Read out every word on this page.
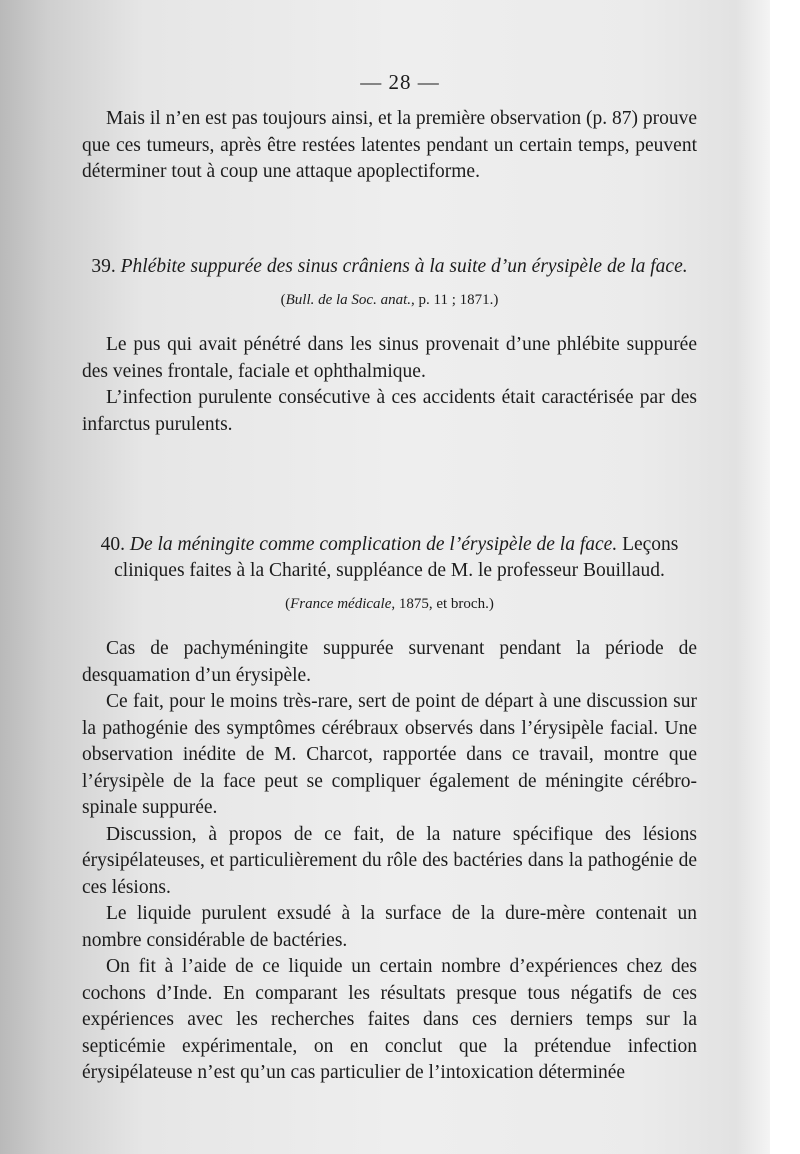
— 28 —

Mais il n’en est pas toujours ainsi, et la première observation (p. 87) prouve que ces tumeurs, après être restées latentes pendant un certain temps, peuvent déterminer tout à coup une attaque apoplectiforme.

39. Phlébite suppurée des sinus crâniens à la suite d’un érysipèle de la face.
(Bull. de la Soc. anat., p. 11 ; 1871.)

Le pus qui avait pénétré dans les sinus provenait d’une phlébite suppurée des veines frontale, faciale et ophthalmique.

L’infection purulente consécutive à ces accidents était caractérisée par des infarctus purulents.

40. De la méningite comme complication de l’érysipèle de la face. Leçons cliniques faites à la Charité, suppléance de M. le professeur Bouillaud.
(France médicale, 1875, et broch.)

Cas de pachyméningite suppurée survenant pendant la période de desquamation d’un érysipèle.

Ce fait, pour le moins très-rare, sert de point de départ à une discussion sur la pathogénie des symptômes cérébraux observés dans l’érysipèle facial. Une observation inédite de M. Charcot, rapportée dans ce travail, montre que l’érysipèle de la face peut se compliquer également de méningite cérébro-spinale suppurée.

Discussion, à propos de ce fait, de la nature spécifique des lésions érysipélateuses, et particulièrement du rôle des bactéries dans la pathogénie de ces lésions.

Le liquide purulent exsudé à la surface de la dure-mère contenait un nombre considérable de bactéries.

On fit à l’aide de ce liquide un certain nombre d’expériences chez des cochons d’Inde. En comparant les résultats presque tous négatifs de ces expériences avec les recherches faites dans ces derniers temps sur la septicémie expérimentale, on en conclut que la prétendue infection érysipélateuse n’est qu’un cas particulier de l’intoxication déterminée
